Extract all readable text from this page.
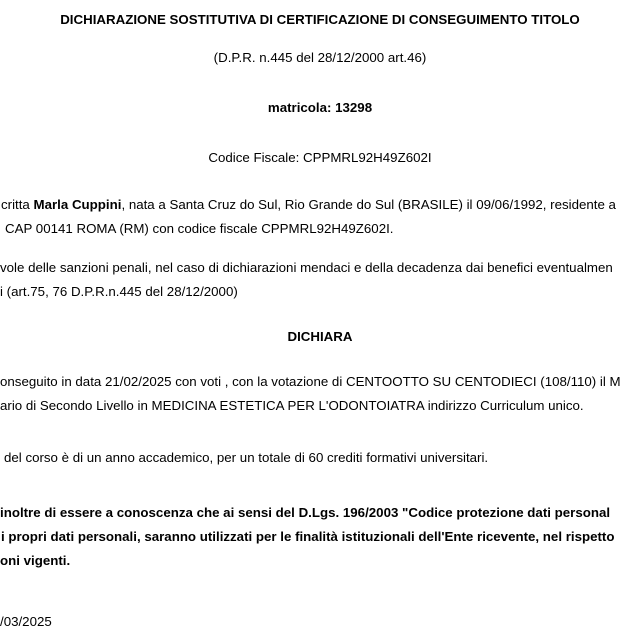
DICHIARAZIONE SOSTITUTIVA DI CERTIFICAZIONE DI CONSEGUIMENTO TITOLO
(D.P.R. n.445 del 28/12/2000 art.46)
matricola: 13298
Codice Fiscale: CPPMRL92H49Z602I
critta Marla Cuppini, nata a Santa Cruz do Sul, Rio Grande do Sul (BRASILE) il 09/06/1992, residente a
CAP 00141 ROMA (RM) con codice fiscale CPPMRL92H49Z602I.
vole delle sanzioni penali, nel caso di dichiarazioni mendaci e della decadenza dai benefici eventualmen
i (art.75, 76 D.P.R.n.445 del 28/12/2000)
DICHIARA
onseguito in data 21/02/2025 con voti , con la votazione di CENTOOTTO SU CENTODIECI (108/110) il M
ario di Secondo Livello in MEDICINA ESTETICA PER L'ODONTOIATRA indirizzo Curriculum unico.
del corso è di un anno accademico, per un totale di 60 crediti formativi universitari.
inoltre di essere a conoscenza che ai sensi del D.Lgs. 196/2003 "Codice protezione dati personal
i propri dati personali, saranno utilizzati per le finalità istituzionali dell'Ente ricevente, nel rispetto
oni vigenti.
/03/2025
